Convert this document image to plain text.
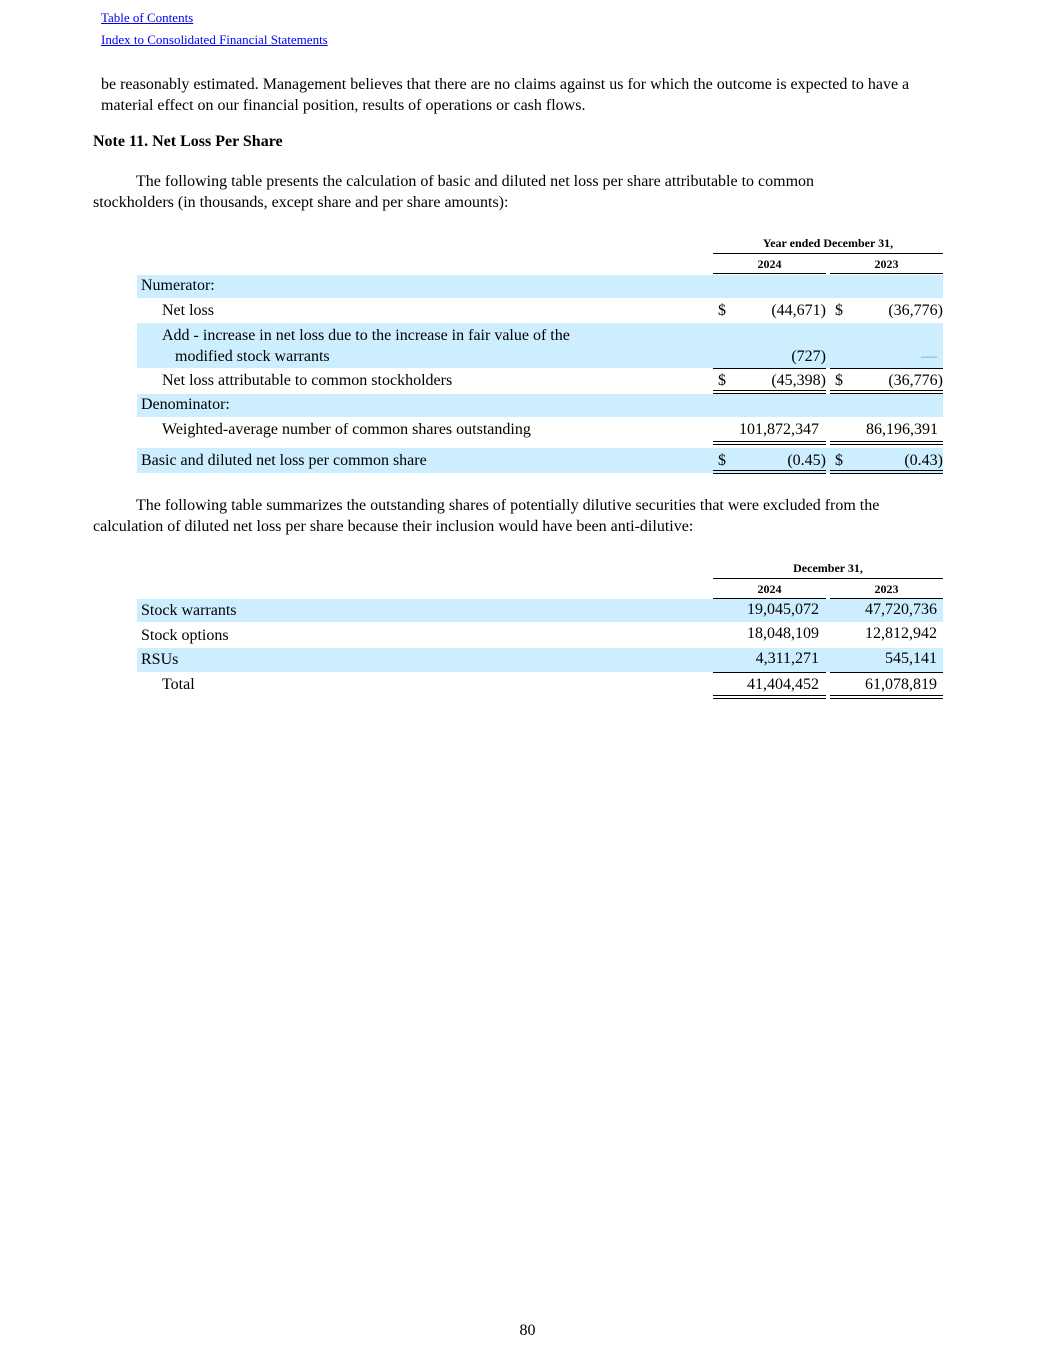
Table of Contents
Index to Consolidated Financial Statements
be reasonably estimated. Management believes that there are no claims against us for which the outcome is expected to have a material effect on our financial position, results of operations or cash flows.
Note 11. Net Loss Per Share
The following table presents the calculation of basic and diluted net loss per share attributable to common stockholders (in thousands, except share and per share amounts):
Year ended December 31,
2024	2023
Numerator:
Net loss	$	(44,671) $	(36,776)
Add - increase in net loss due to the increase in fair value of the
modified stock warrants	(727)	—
Net loss attributable to common stockholders	$	(45,398) $	(36,776)
Denominator:
Weighted-average number of common shares outstanding	101,872,347	86,196,391
Basic and diluted net loss per common share	$	(0.45) $	(0.43)
The following table summarizes the outstanding shares of potentially dilutive securities that were excluded from the calculation of diluted net loss per share because their inclusion would have been anti-dilutive:
December 31,
2024	2023
Stock warrants	19,045,072	47,720,736
Stock options	18,048,109	12,812,942
RSUs	4,311,271	545,141
Total	41,404,452	61,078,819
80
